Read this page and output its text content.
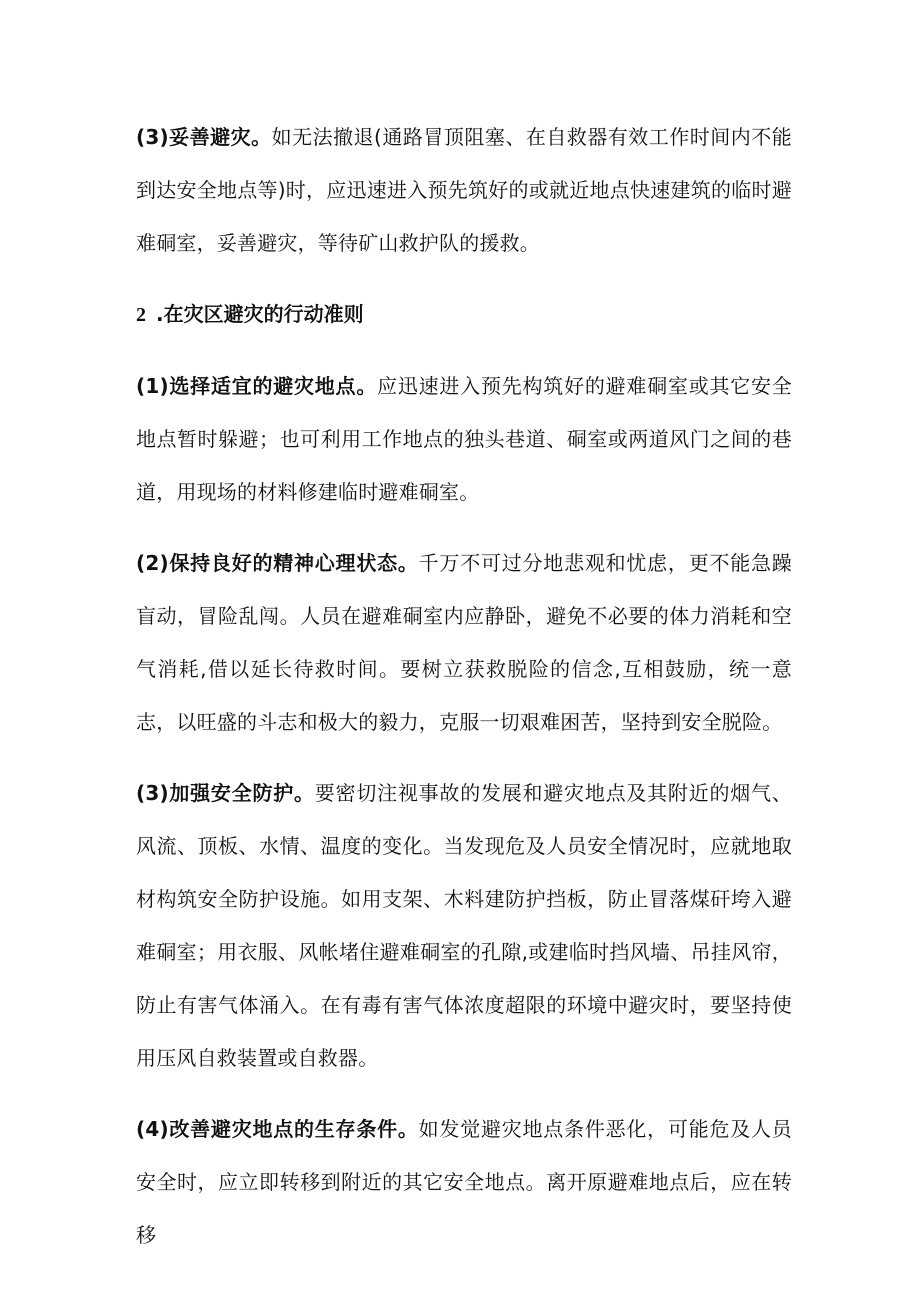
(3)妥善避灾。如无法撤退(通路冒顶阻塞、在自救器有效工作时间内不能到达安全地点等)时，应迅速进入预先筑好的或就近地点快速建筑的临时避难硐室，妥善避灾，等待矿山救护队的援救。

2 .在灾区避灾的行动准则

(1)选择适宜的避灾地点。应迅速进入预先构筑好的避难硐室或其它安全地点暂时躲避；也可利用工作地点的独头巷道、硐室或两道风门之间的巷道，用现场的材料修建临时避难硐室。

(2)保持良好的精神心理状态。千万不可过分地悲观和忧虑，更不能急躁盲动，冒险乱闯。人员在避难硐室内应静卧，避免不必要的体力消耗和空气消耗,借以延长待救时间。要树立获救脱险的信念,互相鼓励，统一意志，以旺盛的斗志和极大的毅力，克服一切艰难困苦，坚持到安全脱险。

(3)加强安全防护。要密切注视事故的发展和避灾地点及其附近的烟气、风流、顶板、水情、温度的变化。当发现危及人员安全情况时，应就地取材构筑安全防护设施。如用支架、木料建防护挡板，防止冒落煤矸垮入避难硐室；用衣服、风帐堵住避难硐室的孔隙,或建临时挡风墙、吊挂风帘，防止有害气体涌入。在有毒有害气体浓度超限的环境中避灾时，要坚持使用压风自救装置或自救器。

(4)改善避灾地点的生存条件。如发觉避灾地点条件恶化，可能危及人员安全时，应立即转移到附近的其它安全地点。离开原避难地点后，应在转移
